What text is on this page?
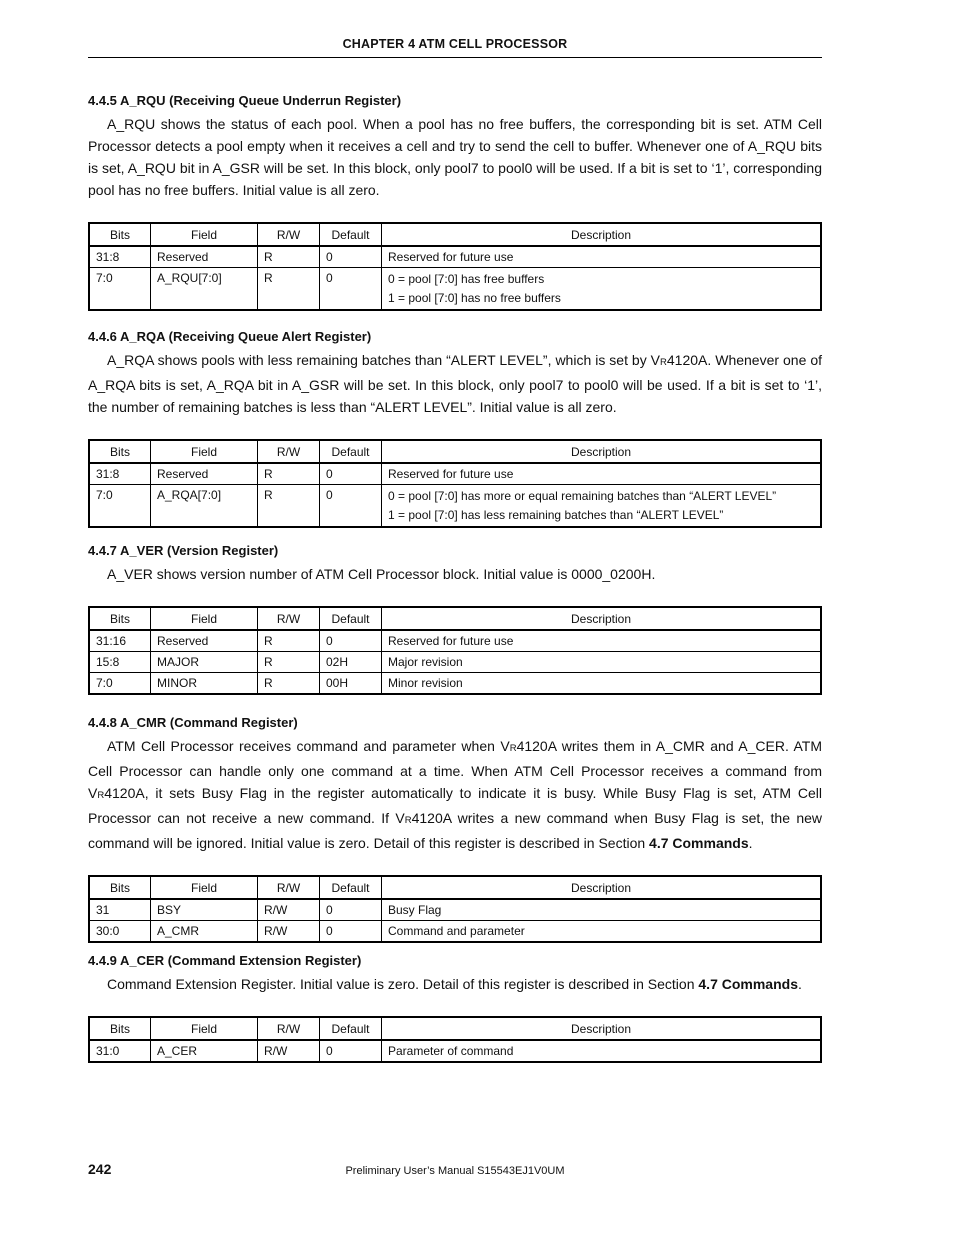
CHAPTER 4 ATM CELL PROCESSOR

4.4.5 A_RQU (Receiving Queue Underrun Register)

A_RQU shows the status of each pool. When a pool has no free buffers, the corresponding bit is set. ATM Cell Processor detects a pool empty when it receives a cell and try to send the cell to buffer. Whenever one of A_RQU bits is set, A_RQU bit in A_GSR will be set. In this block, only pool7 to pool0 will be used. If a bit is set to ‘1’, corresponding pool has no free buffers. Initial value is all zero.

Bits	Field	R/W	Default	Description
31:8	Reserved	R	0	Reserved for future use
7:0	A_RQU[7:0]	R	0	0 = pool [7:0] has free buffers
1 = pool [7:0] has no free buffers

4.4.6 A_RQA (Receiving Queue Alert Register)

A_RQA shows pools with less remaining batches than “ALERT LEVEL”, which is set by VR4120A. Whenever one of A_RQA bits is set, A_RQA bit in A_GSR will be set. In this block, only pool7 to pool0 will be used. If a bit is set to ‘1’, the number of remaining batches is less than “ALERT LEVEL”. Initial value is all zero.

Bits	Field	R/W	Default	Description
31:8	Reserved	R	0	Reserved for future use
7:0	A_RQA[7:0]	R	0	0 = pool [7:0] has more or equal remaining batches than “ALERT LEVEL”
1 = pool [7:0] has less remaining batches than “ALERT LEVEL”

4.4.7 A_VER (Version Register)

A_VER shows version number of ATM Cell Processor block. Initial value is 0000_0200H.

Bits	Field	R/W	Default	Description
31:16	Reserved	R	0	Reserved for future use
15:8	MAJOR	R	02H	Major revision
7:0	MINOR	R	00H	Minor revision

4.4.8 A_CMR (Command Register)

ATM Cell Processor receives command and parameter when VR4120A writes them in A_CMR and A_CER. ATM Cell Processor can handle only one command at a time. When ATM Cell Processor receives a command from VR4120A, it sets Busy Flag in the register automatically to indicate it is busy. While Busy Flag is set, ATM Cell Processor can not receive a new command. If VR4120A writes a new command when Busy Flag is set, the new command will be ignored. Initial value is zero. Detail of this register is described in Section 4.7 Commands.

Bits	Field	R/W	Default	Description
31	BSY	R/W	0	Busy Flag
30:0	A_CMR	R/W	0	Command and parameter

4.4.9 A_CER (Command Extension Register)

Command Extension Register. Initial value is zero. Detail of this register is described in Section 4.7 Commands.

Bits	Field	R/W	Default	Description
31:0	A_CER	R/W	0	Parameter of command
242	Preliminary User’s Manual S15543EJ1V0UM
